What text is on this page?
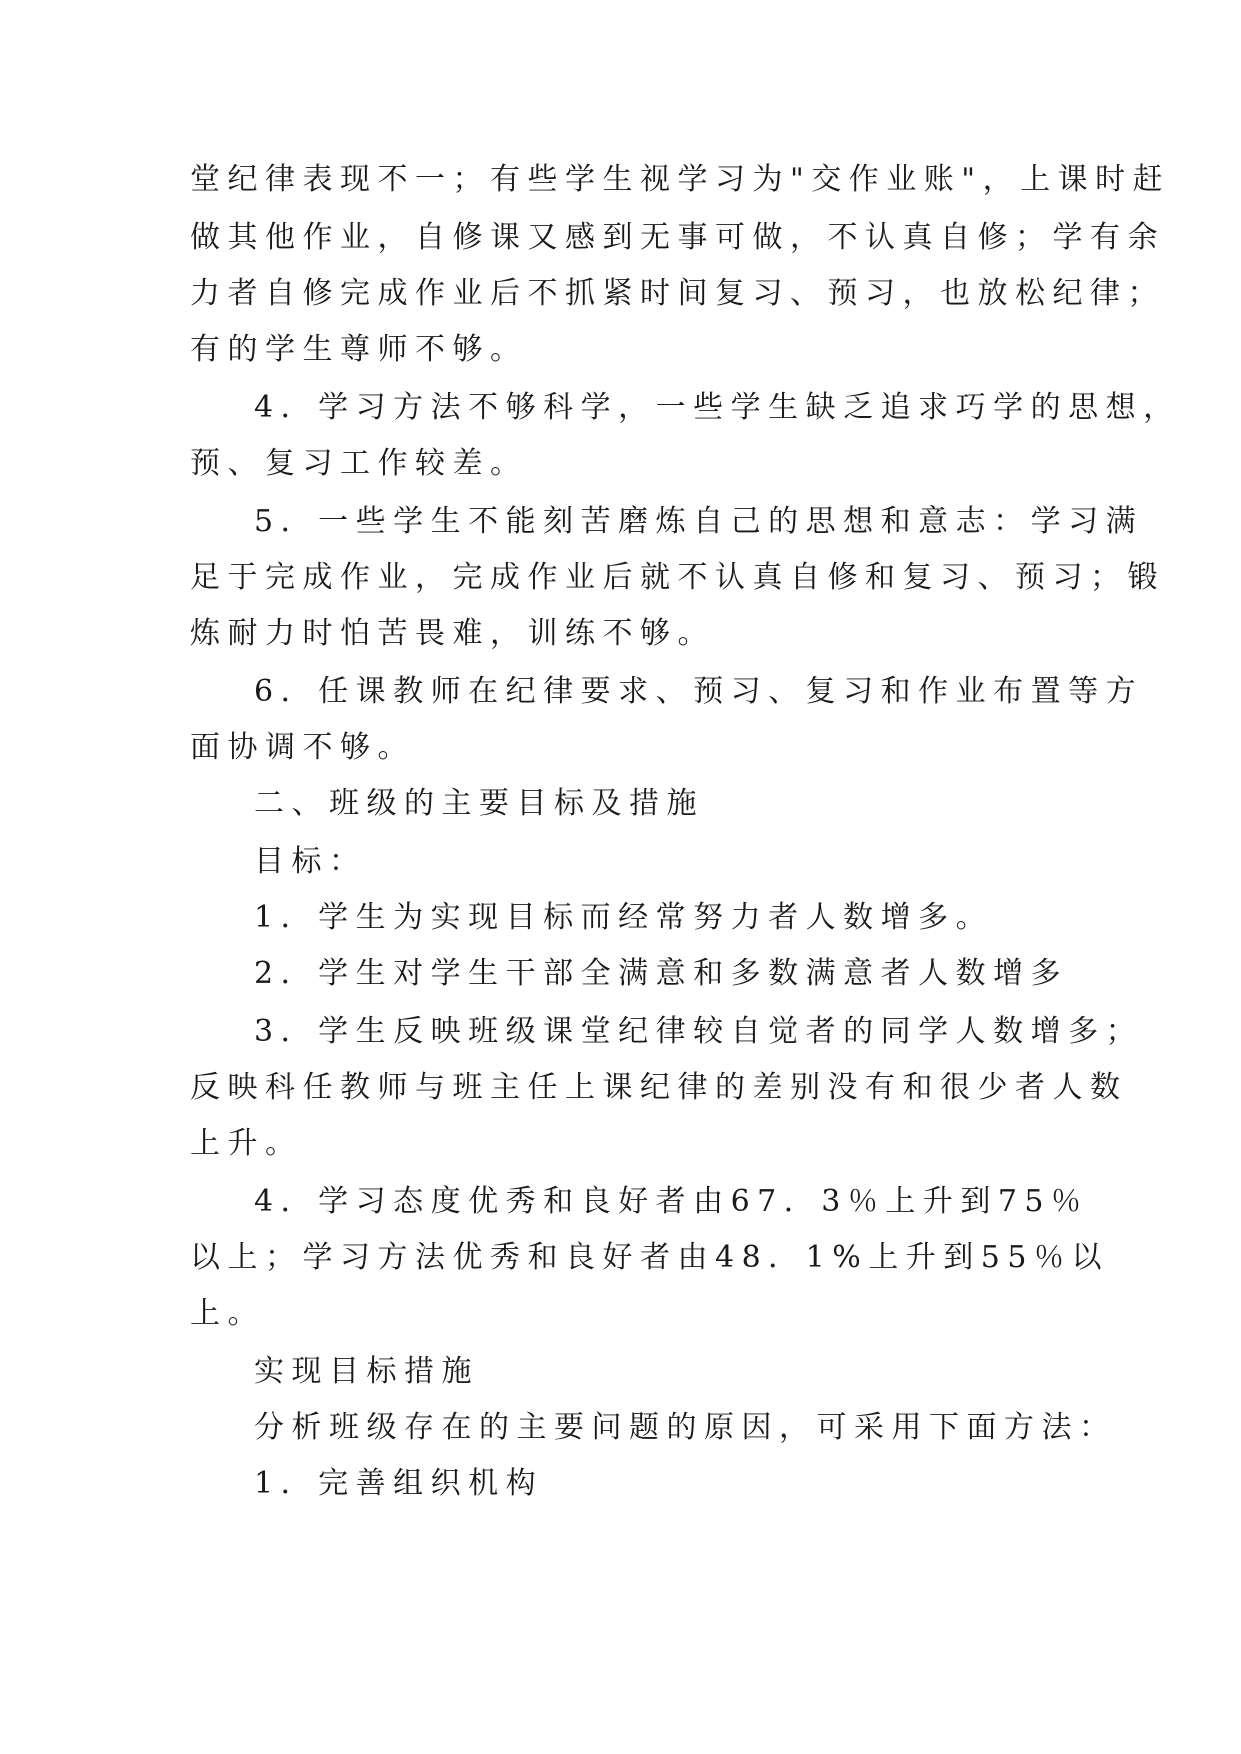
堂纪律表现不一；有些学生视学习为"交作业账"，上课时赶
做其他作业，自修课又感到无事可做，不认真自修；学有余
力者自修完成作业后不抓紧时间复习、预习，也放松纪律；
有的学生尊师不够。
4．学习方法不够科学，一些学生缺乏追求巧学的思想，
预、复习工作较差。
5．一些学生不能刻苦磨炼自己的思想和意志：学习满
足于完成作业，完成作业后就不认真自修和复习、预习；锻
炼耐力时怕苦畏难，训练不够。
6．任课教师在纪律要求、预习、复习和作业布置等方
面协调不够。
二、班级的主要目标及措施
目标：
1．学生为实现目标而经常努力者人数增多。
2．学生对学生干部全满意和多数满意者人数增多
3．学生反映班级课堂纪律较自觉者的同学人数增多；
反映科任教师与班主任上课纪律的差别没有和很少者人数
上升。
4．学习态度优秀和良好者由67．3％上升到75％
以上；学习方法优秀和良好者由48．1%上升到55％以
上。
实现目标措施
分析班级存在的主要问题的原因，可采用下面方法：
1．完善组织机构
